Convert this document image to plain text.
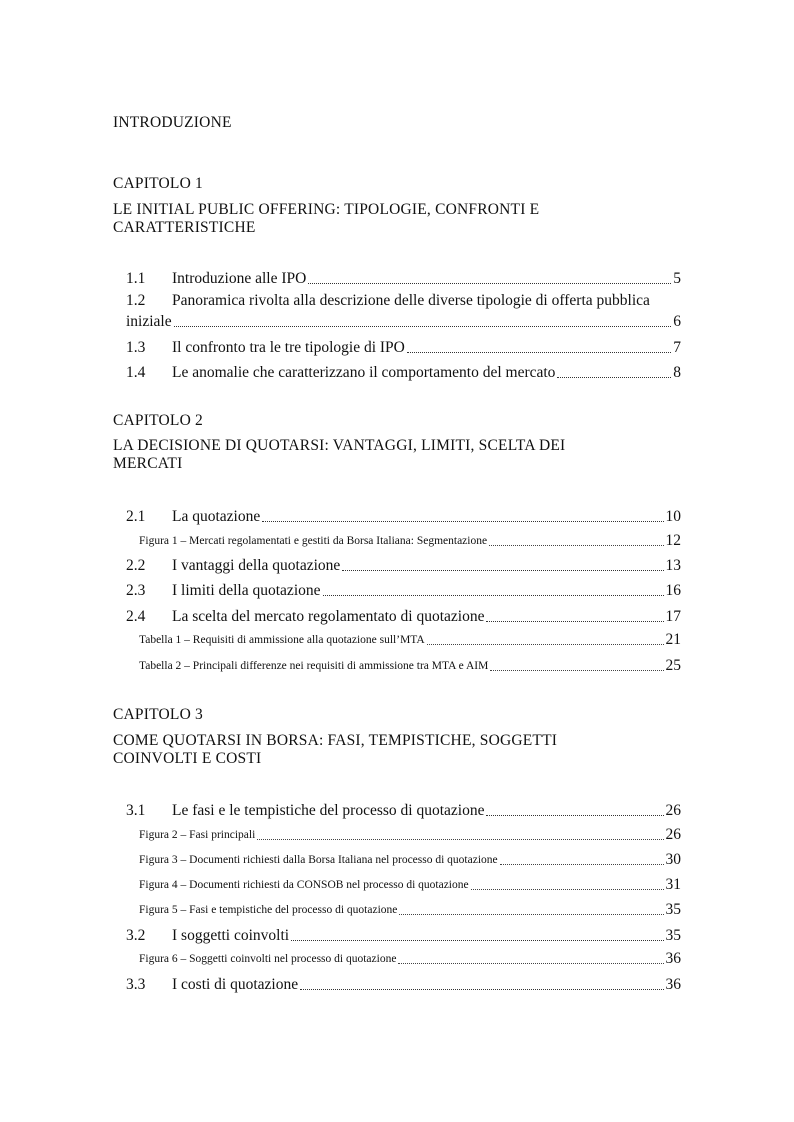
INTRODUZIONE
CAPITOLO 1
LE INITIAL PUBLIC OFFERING: TIPOLOGIE, CONFRONTI E
CARATTERISTICHE
1.1	Introduzione alle IPO	5
1.2 Panoramica rivolta alla descrizione delle diverse tipologie di offerta pubblica
iniziale	6
1.3	Il confronto tra le tre tipologie di IPO	7
1.4	Le anomalie che caratterizzano il comportamento del mercato	8
CAPITOLO 2
LA DECISIONE DI QUOTARSI: VANTAGGI, LIMITI, SCELTA DEI
MERCATI
2.1	La quotazione	10
Figura 1 – Mercati regolamentati e gestiti da Borsa Italiana: Segmentazione	12
2.2	I vantaggi della quotazione	13
2.3	I limiti della quotazione	16
2.4	La scelta del mercato regolamentato di quotazione	17
Tabella 1 – Requisiti di ammissione alla quotazione sull’MTA	21
Tabella 2 – Principali differenze nei requisiti di ammissione tra MTA e AIM	25
CAPITOLO 3
COME QUOTARSI IN BORSA: FASI, TEMPISTICHE, SOGGETTI
COINVOLTI E COSTI
3.1	Le fasi e le tempistiche del processo di quotazione	26
Figura 2 – Fasi principali	26
Figura 3 – Documenti richiesti dalla Borsa Italiana nel processo di quotazione	30
Figura 4 – Documenti richiesti da CONSOB nel processo di quotazione	31
Figura 5 – Fasi e tempistiche del processo di quotazione	35
3.2	I soggetti coinvolti	35
Figura 6 – Soggetti coinvolti nel processo di quotazione	36
3.3	I costi di quotazione	36
